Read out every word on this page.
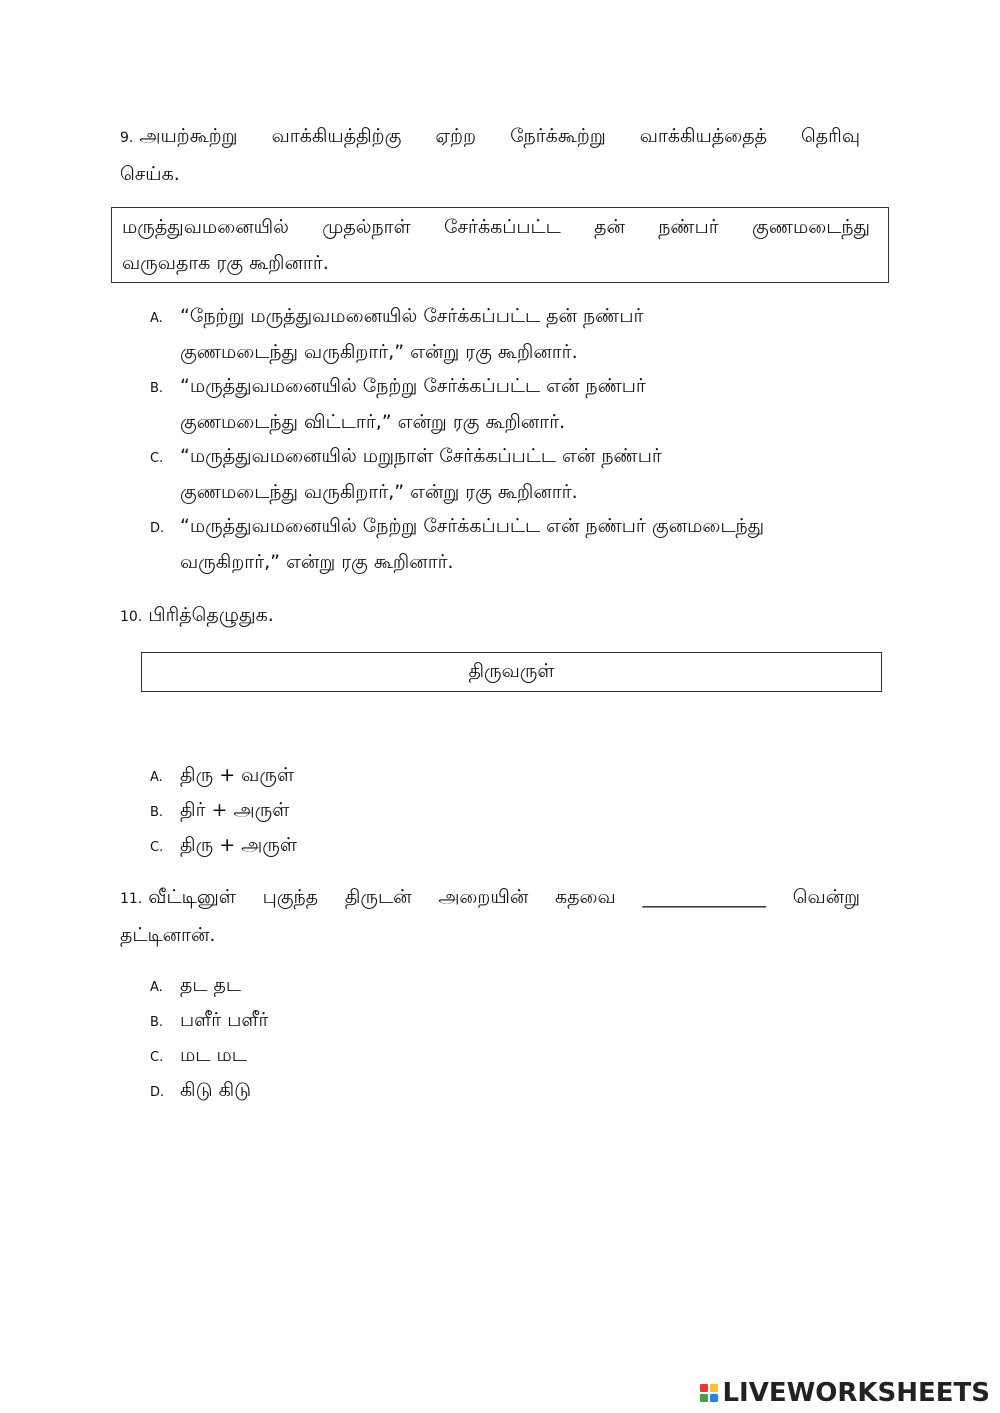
9. அயற்கூற்று வாக்கியத்திற்கு ஏற்ற நேர்க்கூற்று வாக்கியத்தைத் தெரிவு
செய்க.
மருத்துவமனையில் முதல்நாள் சேர்க்கப்பட்ட தன் நண்பர் குணமடைந்து
வருவதாக ரகு கூறினார்.
A. “நேற்று மருத்துவமனையில் சேர்க்கப்பட்ட தன் நண்பர்
குணமடைந்து வருகிறார்,” என்று ரகு கூறினார்.
B. “மருத்துவமனையில் நேற்று சேர்க்கப்பட்ட என் நண்பர்
குணமடைந்து விட்டார்,” என்று ரகு கூறினார்.
C. “மருத்துவமனையில் மறுநாள் சேர்க்கப்பட்ட என் நண்பர்
குணமடைந்து வருகிறார்,” என்று ரகு கூறினார்.
D. “மருத்துவமனையில் நேற்று சேர்க்கப்பட்ட என் நண்பர் குனமடைந்து
வருகிறார்,” என்று ரகு கூறினார்.
10. பிரித்தெழுதுக.
திருவருள்
A. திரு + வருள்
B. திர் + அருள்
C. திரு + அருள்
11. வீட்டினுள் புகுந்த திருடன் அறையின் கதவை _____________ வென்று
தட்டினான்.
A. தட தட
B. பளீர் பளீர்
C. மட மட
D. கிடு கிடு
LIVEWORKSHEETS
